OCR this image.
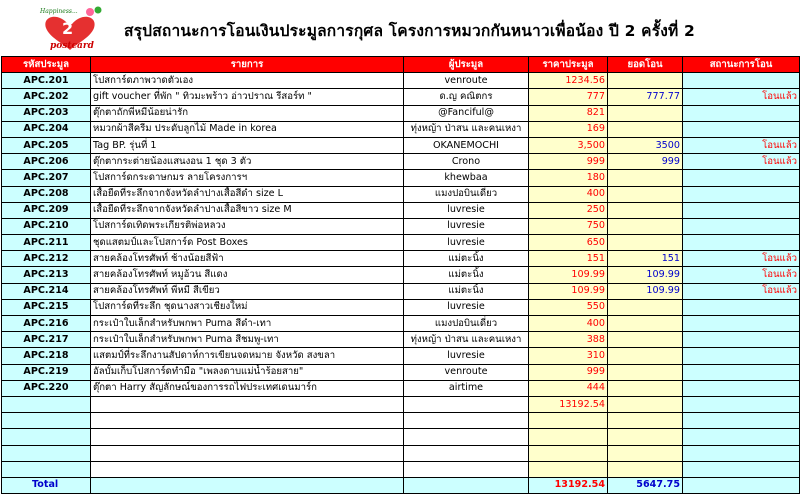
Happiness...
2
postcard
สรุปสถานะการโอนเงินประมูลการกุศล โครงการหมวกกันหนาวเพื่อน้อง ปี 2 ครั้งที่ 2
รหัสประมูล	รายการ	ผู้ประมูล	ราคาประมูล	ยอดโอน	สถานะการโอน
APC.201	โปสการ์ดภาพวาดตัวเอง	venroute	1234.56		
APC.202	gift voucher ที่พัก " ทิวมะพร้าว อ่าวปราณ รีสอร์ท "	ด.ญ คณิตกร	777	777.77	โอนแล้ว
APC.203	ตุ๊กตาถักพี่หมีน้อยน่ารัก	@Fanciful@	821		
APC.204	หมวกผ้าสีครีม ประดับลูกไม้ Made in korea	ทุ่งหญ้า ป่าสน และคนเหงา	169		
APC.205	Tag BP. รุ่นที่ 1	OKANEMOCHI	3,500	3500	โอนแล้ว
APC.206	ตุ๊กตากระต่ายน้องแสนงอน 1 ชุด 3 ตัว	Crono	999	999	โอนแล้ว
APC.207	โปสการ์ดกระดาษกมร ลายโครงการฯ	khewbaa	180		
APC.208	เสื้อยืดที่ระลึกจากจังหวัดลำปางเสื้อสีดำ size L	แมงปอบินเดี่ยว	400		
APC.209	เสื้อยืดที่ระลึกจากจังหวัดลำปางเสื้อสีขาว size M	luvresie	250		
APC.210	โปสการ์ดเทิดพระเกียรติพ่อหลวง	luvresie	750		
APC.211	ชุดแสตมป์และโปสการ์ด Post Boxes	luvresie	650		
APC.212	สายคล้องโทรศัพท์ ช้างน้อยสีฟ้า	แม่ตะนิ้ง	151	151	โอนแล้ว
APC.213	สายคล้องโทรศัพท์ หมูอ้วน สีแดง	แม่ตะนิ้ง	109.99	109.99	โอนแล้ว
APC.214	สายคล้องโทรศัพท์ พี่หมี สีเขียว	แม่ตะนิ้ง	109.99	109.99	โอนแล้ว
APC.215	โปสการ์ดที่ระลึก ชุดนางสาวเชียงใหม่	luvresie	550		
APC.216	กระเป๋าใบเล็กสำหรับพกพา Puma สีดำ-เทา	แมงปอบินเดี่ยว	400		
APC.217	กระเป๋าใบเล็กสำหรับพกพา Puma สีชมพู-เทา	ทุ่งหญ้า ป่าสน และคนเหงา	388		
APC.218	แสตมป์ที่ระลึกงานสัปดาห์การเขียนจดหมาย จังหวัด สงขลา	luvresie	310		
APC.219	อัลบั้มเก็บโปสการ์ดทำมือ "เพลงดาบแม่น้ำร้อยสาย"	venroute	999		
APC.220	ตุ๊กตา Harry สัญลักษณ์ของการรถไฟประเทศเดนมาร์ก	airtime	444		
			13192.54		

Total			13192.54	5647.75	
